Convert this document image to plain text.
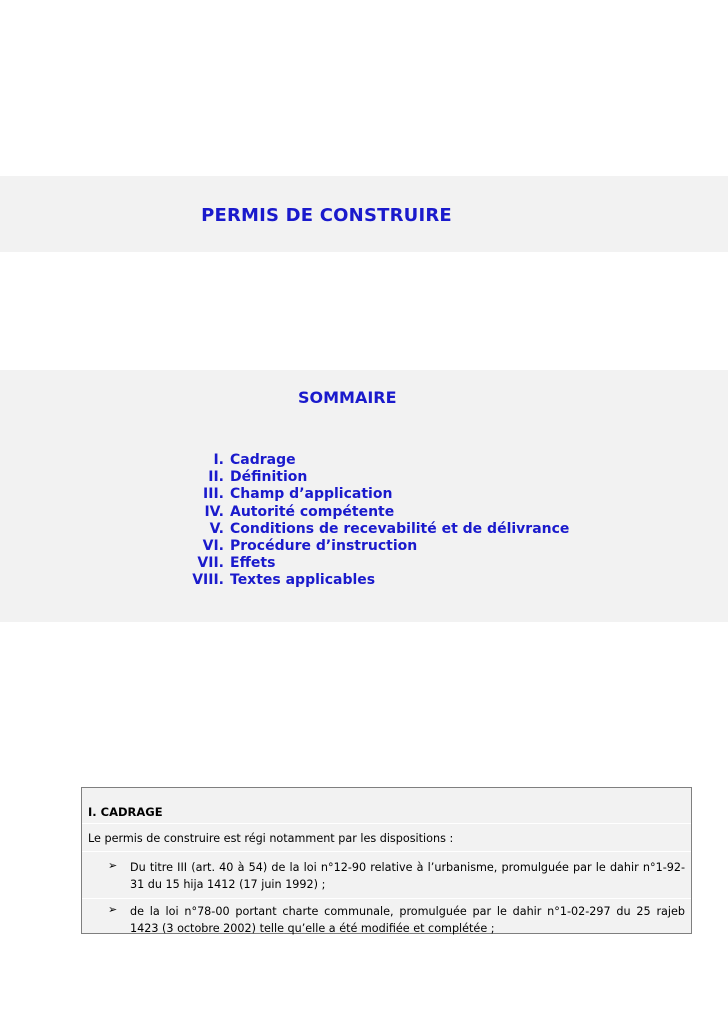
PERMIS DE CONSTRUIRE
SOMMAIRE
I. Cadrage
II. Définition
III. Champ d’application
IV. Autorité compétente
V. Conditions de recevabilité et de délivrance
VI. Procédure d’instruction
VII. Effets
VIII. Textes applicables
I. CADRAGE
Le permis de construire est régi notamment par les dispositions :
➢ Du titre III (art. 40 à 54) de la loi n°12-90 relative à l’urbanisme, promulguée par le dahir n°1-92-31 du 15 hija 1412 (17 juin 1992) ;
➢ de la loi n°78-00 portant charte communale, promulguée par le dahir n°1-02-297 du 25 rajeb 1423 (3 octobre 2002) telle qu’elle a été modifiée et complétée ;
